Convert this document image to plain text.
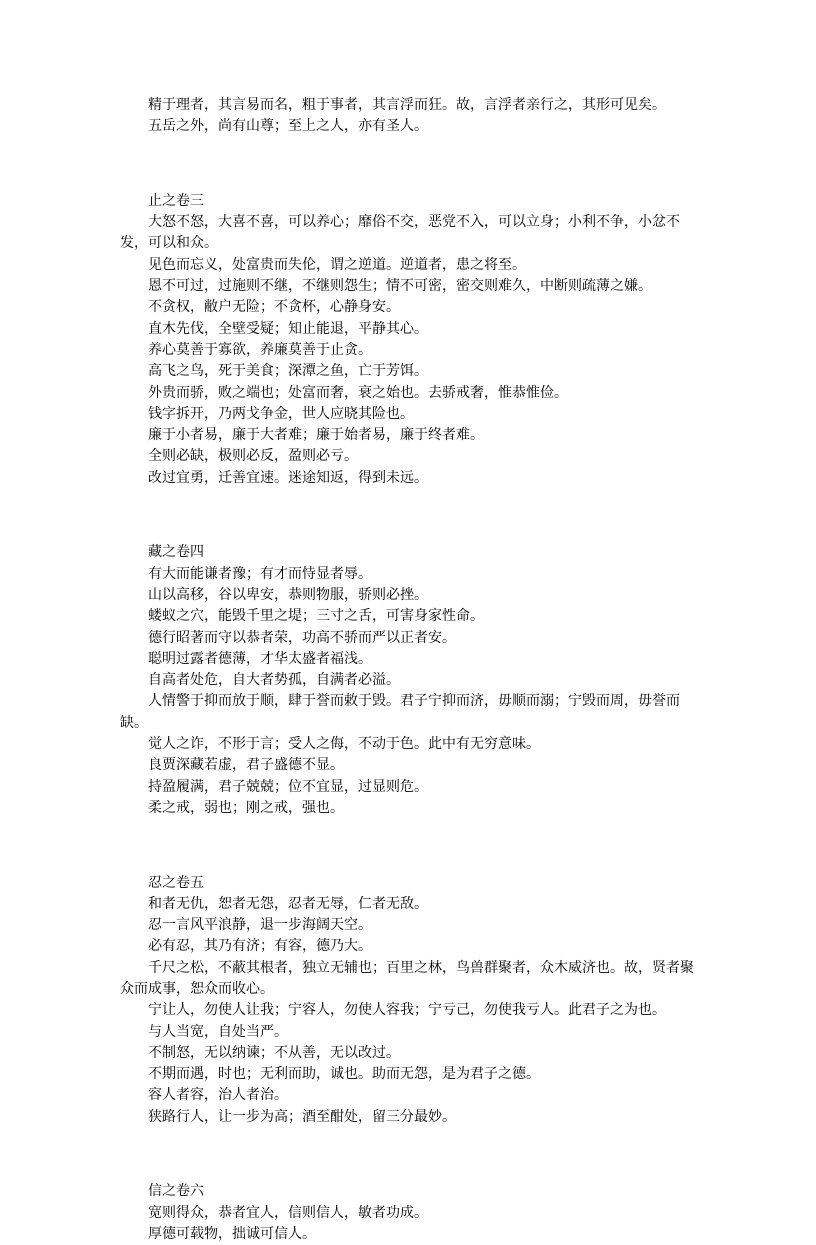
精于理者，其言易而名，粗于事者，其言浮而狂。故，言浮者亲行之，其形可见矣。

五岳之外，尚有山尊；至上之人，亦有圣人。

止之卷三

大怒不怒，大喜不喜，可以养心；靡俗不交，恶党不入，可以立身；小利不争，小忿不发，可以和众。

见色而忘义，处富贵而失伦，谓之逆道。逆道者，患之将至。

恩不可过，过施则不继，不继则怨生；情不可密，密交则难久，中断则疏薄之嫌。

不贪权，敝户无险；不贪杯，心静身安。

直木先伐，全壁受疑；知止能退，平静其心。

养心莫善于寡欲，养廉莫善于止贪。

高飞之鸟，死于美食；深潭之鱼，亡于芳饵。

外贵而骄，败之端也；处富而奢，衰之始也。去骄戒奢，惟恭惟俭。

钱字拆开，乃两戈争金，世人应晓其险也。

廉于小者易，廉于大者难；廉于始者易，廉于终者难。

全则必缺，极则必反，盈则必亏。

改过宜勇，迁善宜速。迷途知返，得到未远。

藏之卷四

有大而能谦者豫；有才而恃显者辱。

山以高移，谷以卑安，恭则物服，骄则必挫。

蝼蚁之穴，能毁千里之堤；三寸之舌，可害身家性命。

德行昭著而守以恭者荣，功高不骄而严以正者安。

聪明过露者德薄，才华太盛者福浅。

自高者处危，自大者势孤，自满者必溢。

人情警于抑而放于顺，肆于誉而敕于毁。君子宁抑而济，毋顺而溺；宁毁而周，毋誉而缺。

觉人之诈，不形于言；受人之侮，不动于色。此中有无穷意味。

良贾深藏若虚，君子盛德不显。

持盈履满，君子兢兢；位不宜显，过显则危。

柔之戒，弱也；刚之戒，强也。

忍之卷五

和者无仇，恕者无怨，忍者无辱，仁者无敌。

忍一言风平浪静，退一步海阔天空。

必有忍，其乃有济；有容，德乃大。

千尺之松，不蔽其根者，独立无辅也；百里之林，鸟兽群聚者，众木威济也。故，贤者聚众而成事，恕众而收心。

宁让人，勿使人让我；宁容人，勿使人容我；宁亏己，勿使我亏人。此君子之为也。

与人当宽，自处当严。

不制怒，无以纳谏；不从善，无以改过。

不期而遇，时也；无利而助，诚也。助而无怨，是为君子之德。

容人者容，治人者治。

狭路行人，让一步为高；酒至酣处，留三分最妙。

信之卷六

宽则得众，恭者宜人，信则信人，敏者功成。

厚德可载物，拙诚可信人。
